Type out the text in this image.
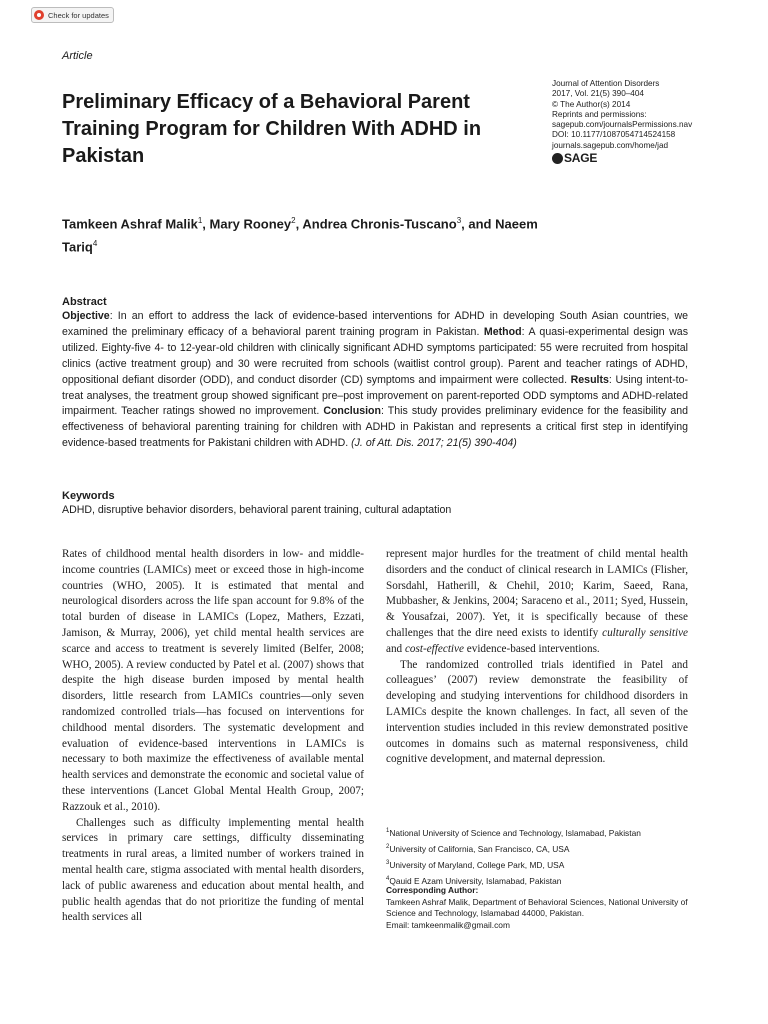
Check for updates
Article
Preliminary Efficacy of a Behavioral Parent Training Program for Children With ADHD in Pakistan
Journal of Attention Disorders
2017, Vol. 21(5) 390–404
© The Author(s) 2014
Reprints and permissions:
sagepub.com/journalsPermissions.nav
DOI: 10.1177/1087054714524158
journals.sagepub.com/home/jad
SAGE
Tamkeen Ashraf Malik$^1$, Mary Rooney$^2$, Andrea Chronis-Tuscano$^3$, and Naeem Tariq$^4$
Abstract
Objective: In an effort to address the lack of evidence-based interventions for ADHD in developing South Asian countries, we examined the preliminary efficacy of a behavioral parent training program in Pakistan. Method: A quasi-experimental design was utilized. Eighty-five 4- to 12-year-old children with clinically significant ADHD symptoms participated: 55 were recruited from hospital clinics (active treatment group) and 30 were recruited from schools (waitlist control group). Parent and teacher ratings of ADHD, oppositional defiant disorder (ODD), and conduct disorder (CD) symptoms and impairment were collected. Results: Using intent-to-treat analyses, the treatment group showed significant pre–post improvement on parent-reported ODD symptoms and ADHD-related impairment. Teacher ratings showed no improvement. Conclusion: This study provides preliminary evidence for the feasibility and effectiveness of behavioral parenting training for children with ADHD in Pakistan and represents a critical first step in identifying evidence-based treatments for Pakistani children with ADHD. (J. of Att. Dis. 2017; 21(5) 390-404)
Keywords
ADHD, disruptive behavior disorders, behavioral parent training, cultural adaptation

Rates of childhood mental health disorders in low- and middle-income countries (LAMICs) meet or exceed those in high-income countries (WHO, 2005). It is estimated that mental and neurological disorders across the life span account for 9.8% of the total burden of disease in LAMICs (Lopez, Mathers, Ezzati, Jamison, & Murray, 2006), yet child mental health services are scarce and access to treatment is severely limited (Belfer, 2008; WHO, 2005). A review conducted by Patel et al. (2007) shows that despite the high disease burden imposed by mental health disorders, little research from LAMICs countries—only seven randomized controlled trials—has focused on interventions for childhood mental disorders. The systematic development and evaluation of evidence-based interventions in LAMICs is necessary to both maximize the effectiveness of available mental health services and demonstrate the economic and societal value of these interventions (Lancet Global Mental Health Group, 2007; Razzouk et al., 2010).

Challenges such as difficulty implementing mental health services in primary care settings, difficulty disseminating treatments in rural areas, a limited number of workers trained in mental health care, stigma associated with mental health disorders, lack of public awareness and education about mental health, and public health agendas that do not prioritize the funding of mental health services all

represent major hurdles for the treatment of child mental health disorders and the conduct of clinical research in LAMICs (Flisher, Sorsdahl, Hatherill, & Chehil, 2010; Karim, Saeed, Rana, Mubbasher, & Jenkins, 2004; Saraceno et al., 2011; Syed, Hussein, & Yousafzai, 2007). Yet, it is specifically because of these challenges that the dire need exists to identify culturally sensitive and cost-effective evidence-based interventions.

The randomized controlled trials identified in Patel and colleagues’ (2007) review demonstrate the feasibility of developing and studying interventions for childhood disorders in LAMICs despite the known challenges. In fact, all seven of the intervention studies included in this review demonstrated positive outcomes in domains such as maternal responsiveness, child cognitive development, and maternal depression.

$^1$National University of Science and Technology, Islamabad, Pakistan
$^2$University of California, San Francisco, CA, USA
$^3$University of Maryland, College Park, MD, USA
$^4$Qauid E Azam University, Islamabad, Pakistan
Corresponding Author:
Tamkeen Ashraf Malik, Department of Behavioral Sciences, National University of Science and Technology, Islamabad 44000, Pakistan.
Email: tamkeenmalik@gmail.com
